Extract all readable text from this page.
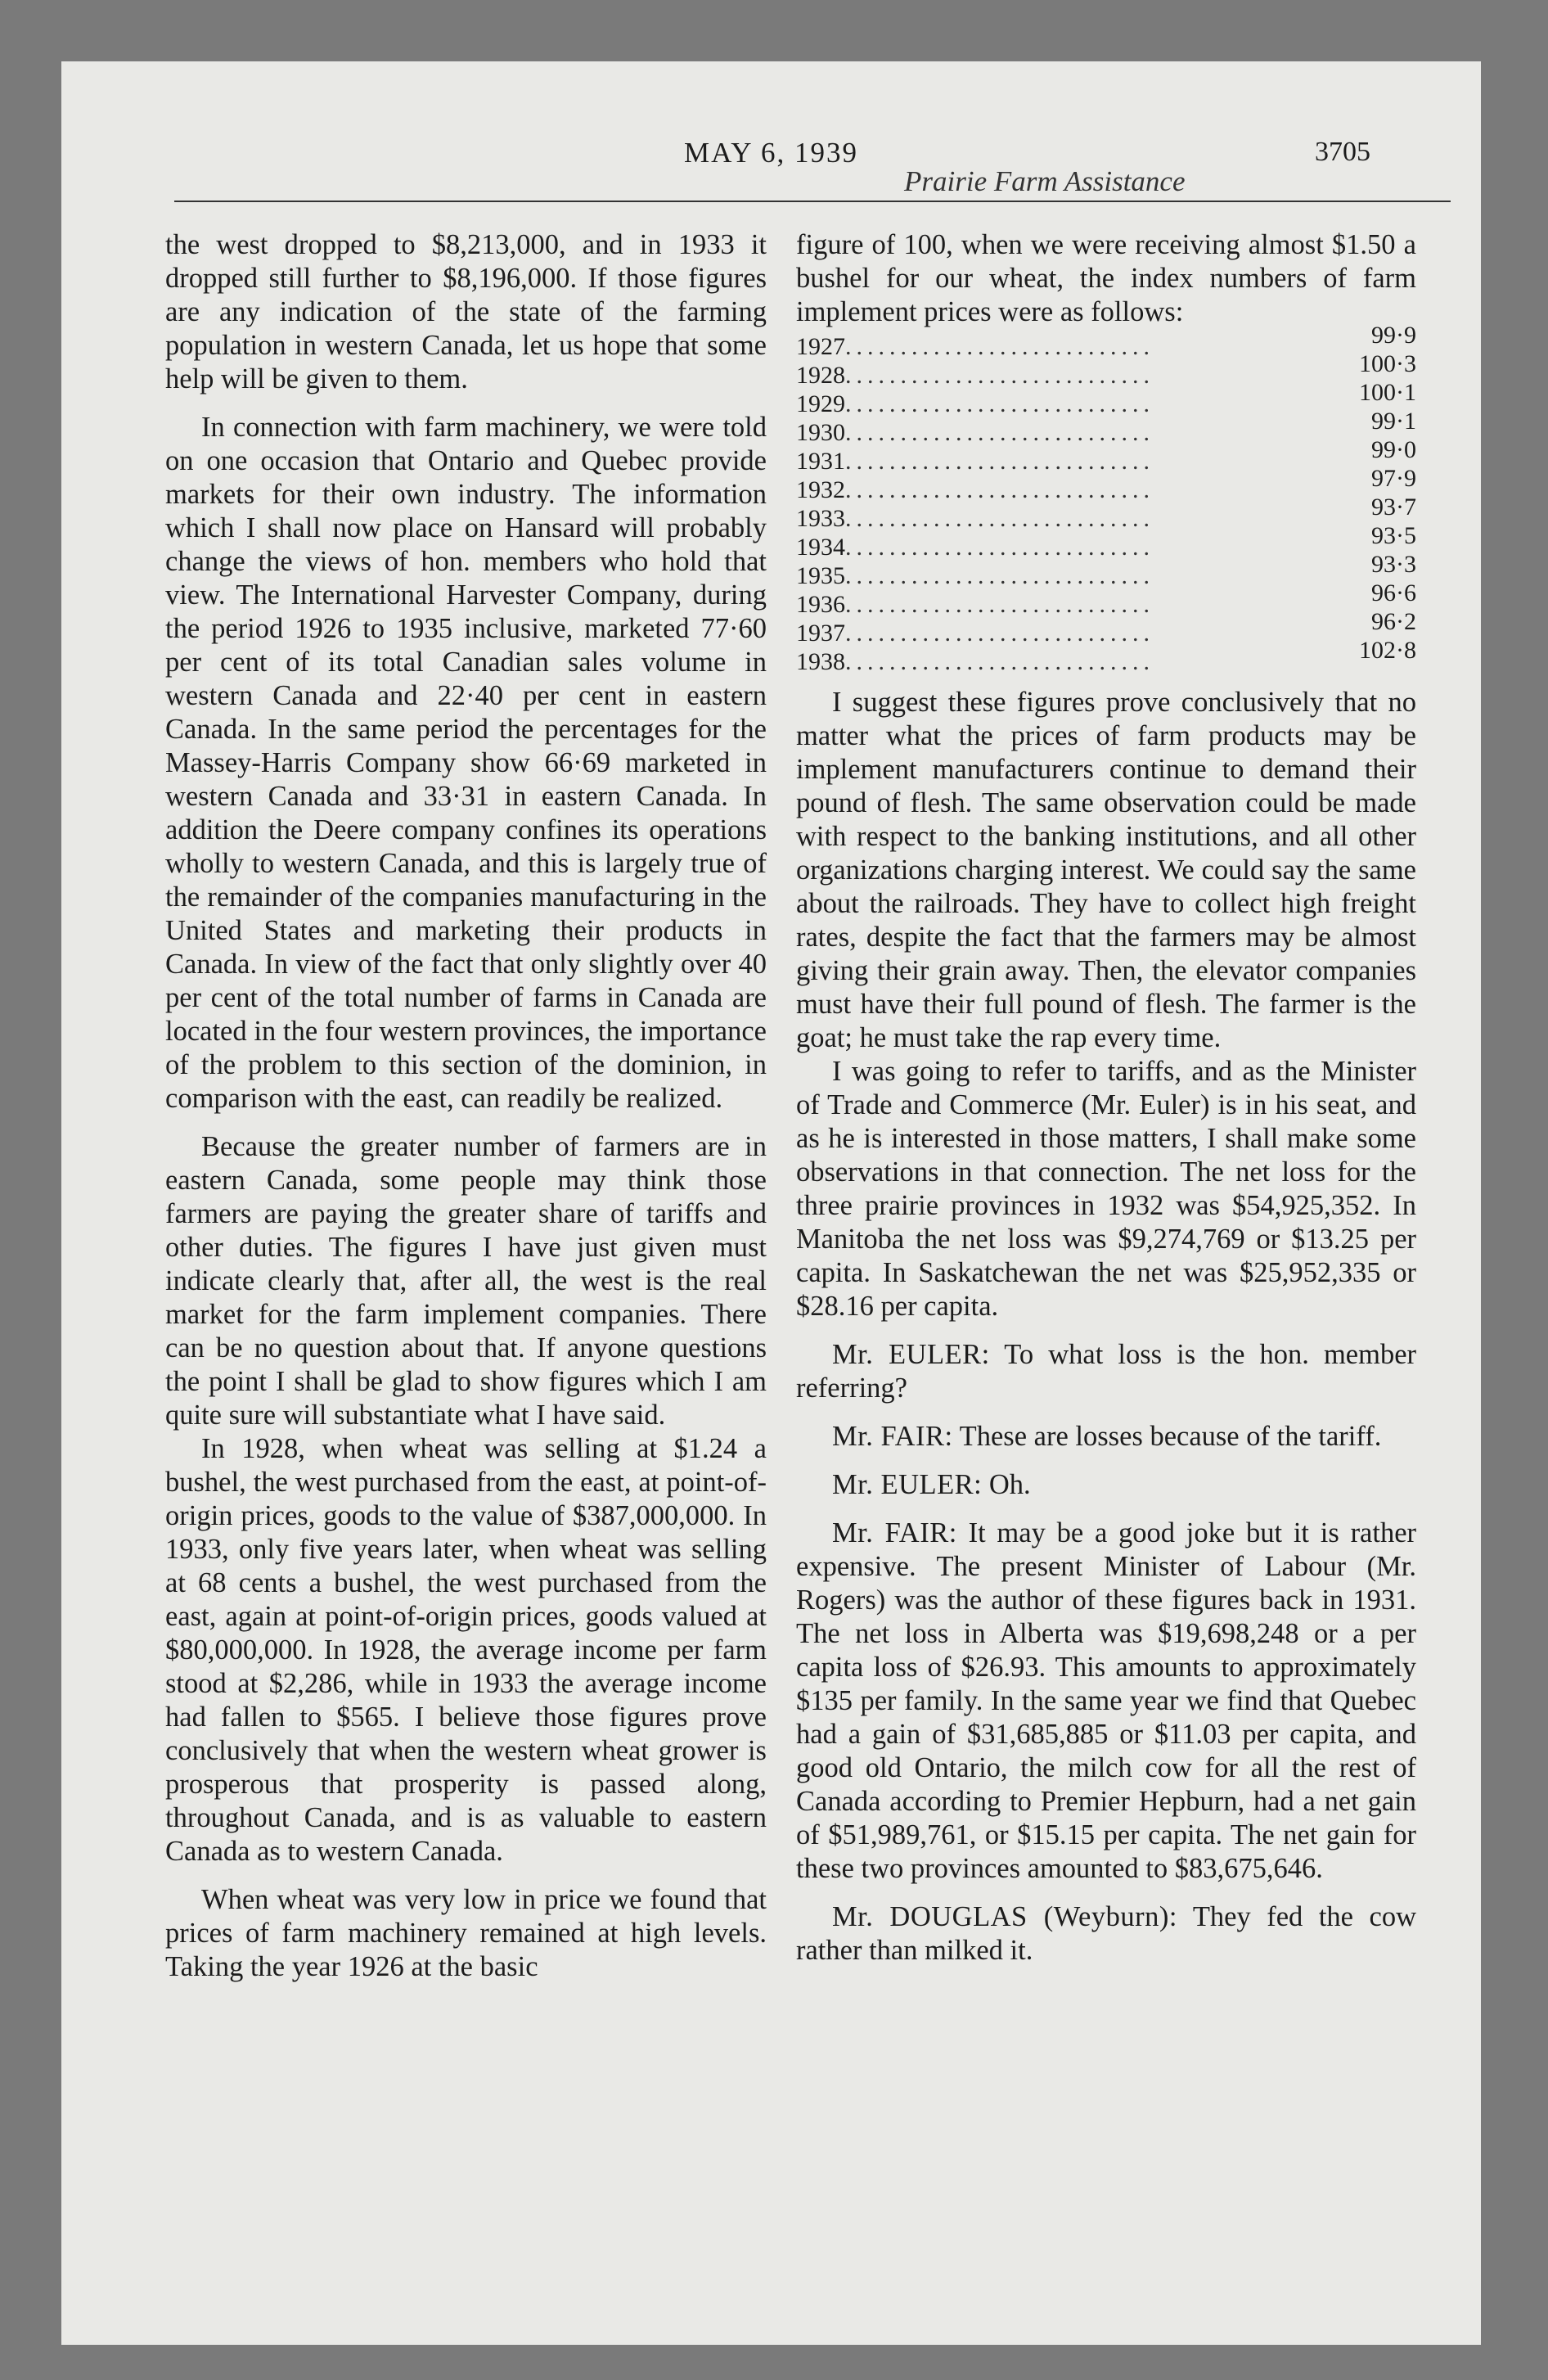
MAY 6, 1939
Prairie Farm Assistance
3705

the west dropped to $8,213,000, and in 1933 it dropped still further to $8,196,000. If those figures are any indication of the state of the farming population in western Canada, let us hope that some help will be given to them.

In connection with farm machinery, we were told on one occasion that Ontario and Quebec provide markets for their own industry. The information which I shall now place on Hansard will probably change the views of hon. members who hold that view. The International Harvester Company, during the period 1926 to 1935 inclusive, marketed 77·60 per cent of its total Canadian sales volume in western Canada and 22·40 per cent in eastern Canada. In the same period the percentages for the Massey-Harris Company show 66·69 marketed in western Canada and 33·31 in eastern Canada. In addition the Deere company confines its operations wholly to western Canada, and this is largely true of the remainder of the companies manufacturing in the United States and marketing their products in Canada. In view of the fact that only slightly over 40 per cent of the total number of farms in Canada are located in the four western provinces, the importance of the problem to this section of the dominion, in comparison with the east, can readily be realized.

Because the greater number of farmers are in eastern Canada, some people may think those farmers are paying the greater share of tariffs and other duties. The figures I have just given must indicate clearly that, after all, the west is the real market for the farm implement companies. There can be no question about that. If anyone questions the point I shall be glad to show figures which I am quite sure will substantiate what I have said.

In 1928, when wheat was selling at $1.24 a bushel, the west purchased from the east, at point-of-origin prices, goods to the value of $387,000,000. In 1933, only five years later, when wheat was selling at 68 cents a bushel, the west purchased from the east, again at point-of-origin prices, goods valued at $80,000,000. In 1928, the average income per farm stood at $2,286, while in 1933 the average income had fallen to $565. I believe those figures prove conclusively that when the western wheat grower is prosperous that prosperity is passed along, throughout Canada, and is as valuable to eastern Canada as to western Canada.

When wheat was very low in price we found that prices of farm machinery remained at high levels. Taking the year 1926 at the basic

figure of 100, when we were receiving almost $1.50 a bushel for our wheat, the index numbers of farm implement prices were as follows:

1927 ............................	99·9
1928 ............................	100·3
1929 ............................	100·1
1930 ............................	99·1
1931 ............................	99·0
1932 ............................	97·9
1933 ............................	93·7
1934 ............................	93·5
1935 ............................	93·3
1936 ............................	96·6
1937 ............................	96·2
1938 ............................	102·8

I suggest these figures prove conclusively that no matter what the prices of farm products may be implement manufacturers continue to demand their pound of flesh. The same observation could be made with respect to the banking institutions, and all other organizations charging interest. We could say the same about the railroads. They have to collect high freight rates, despite the fact that the farmers may be almost giving their grain away. Then, the elevator companies must have their full pound of flesh. The farmer is the goat; he must take the rap every time.

I was going to refer to tariffs, and as the Minister of Trade and Commerce (Mr. Euler) is in his seat, and as he is interested in those matters, I shall make some observations in that connection. The net loss for the three prairie provinces in 1932 was $54,925,352. In Manitoba the net loss was $9,274,769 or $13.25 per capita. In Saskatchewan the net was $25,952,335 or $28.16 per capita.

Mr. EULER: To what loss is the hon. member referring?

Mr. FAIR: These are losses because of the tariff.

Mr. EULER: Oh.

Mr. FAIR: It may be a good joke but it is rather expensive. The present Minister of Labour (Mr. Rogers) was the author of these figures back in 1931. The net loss in Alberta was $19,698,248 or a per capita loss of $26.93. This amounts to approximately $135 per family. In the same year we find that Quebec had a gain of $31,685,885 or $11.03 per capita, and good old Ontario, the milch cow for all the rest of Canada according to Premier Hepburn, had a net gain of $51,989,761, or $15.15 per capita. The net gain for these two provinces amounted to $83,675,646.

Mr. DOUGLAS (Weyburn): They fed the cow rather than milked it.
